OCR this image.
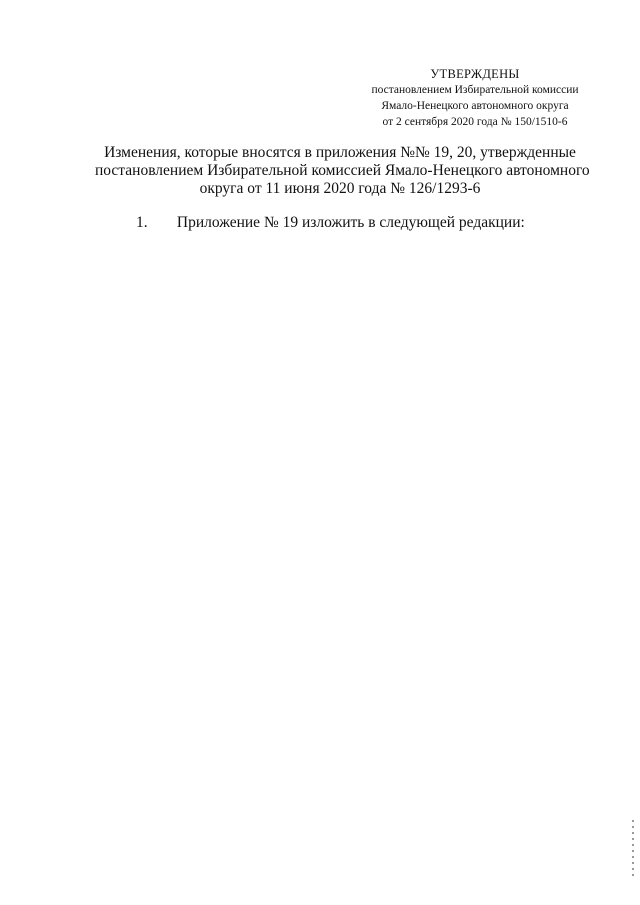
УТВЕРЖДЕНЫ
постановлением Избирательной комиссии
Ямало-Ненецкого автономного округа
от 2 сентября 2020 года № 150/1510-6
Изменения, которые вносятся в приложения №№ 19, 20, утвержденные
постановлением Избирательной комиссией Ямало-Ненецкого автономного
округа от 11 июня 2020 года № 126/1293-6
1. Приложение № 19 изложить в следующей редакции:
